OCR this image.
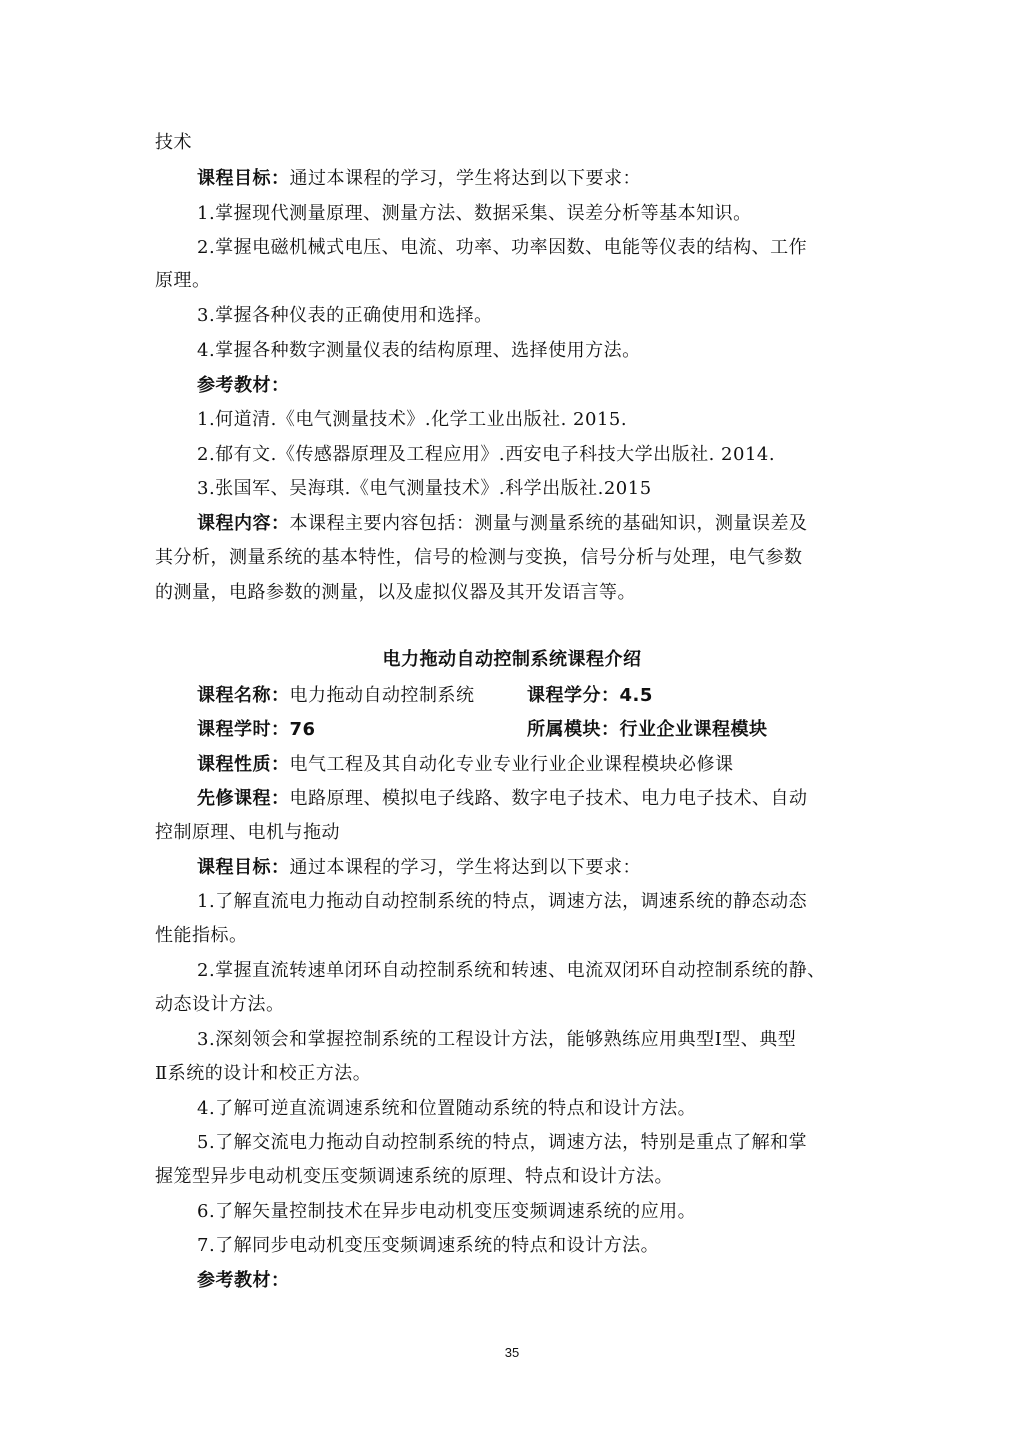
技术
课程目标：通过本课程的学习，学生将达到以下要求：
1.掌握现代测量原理、测量方法、数据采集、误差分析等基本知识。
2.掌握电磁机械式电压、电流、功率、功率因数、电能等仪表的结构、工作
原理。
3.掌握各种仪表的正确使用和选择。
4.掌握各种数字测量仪表的结构原理、选择使用方法。
参考教材：
1.何道清.《电气测量技术》.化学工业出版社. 2015.
2.郁有文.《传感器原理及工程应用》.西安电子科技大学出版社. 2014.
3.张国军、吴海琪.《电气测量技术》.科学出版社.2015
课程内容：本课程主要内容包括：测量与测量系统的基础知识，测量误差及
其分析，测量系统的基本特性，信号的检测与变换，信号分析与处理，电气参数
的测量，电路参数的测量，以及虚拟仪器及其开发语言等。
电力拖动自动控制系统课程介绍
课程名称：电力拖动自动控制系统	课程学分：4.5
课程学时：76	所属模块：行业企业课程模块
课程性质：电气工程及其自动化专业专业行业企业课程模块必修课
先修课程：电路原理、模拟电子线路、数字电子技术、电力电子技术、自动
控制原理、电机与拖动
课程目标：通过本课程的学习，学生将达到以下要求：
1.了解直流电力拖动自动控制系统的特点，调速方法，调速系统的静态动态
性能指标。
2.掌握直流转速单闭环自动控制系统和转速、电流双闭环自动控制系统的静、
动态设计方法。
3.深刻领会和掌握控制系统的工程设计方法，能够熟练应用典型Ⅰ型、典型
Ⅱ系统的设计和校正方法。
4.了解可逆直流调速系统和位置随动系统的特点和设计方法。
5.了解交流电力拖动自动控制系统的特点，调速方法，特别是重点了解和掌
握笼型异步电动机变压变频调速系统的原理、特点和设计方法。
6.了解矢量控制技术在异步电动机变压变频调速系统的应用。
7.了解同步电动机变压变频调速系统的特点和设计方法。
参考教材：
35
